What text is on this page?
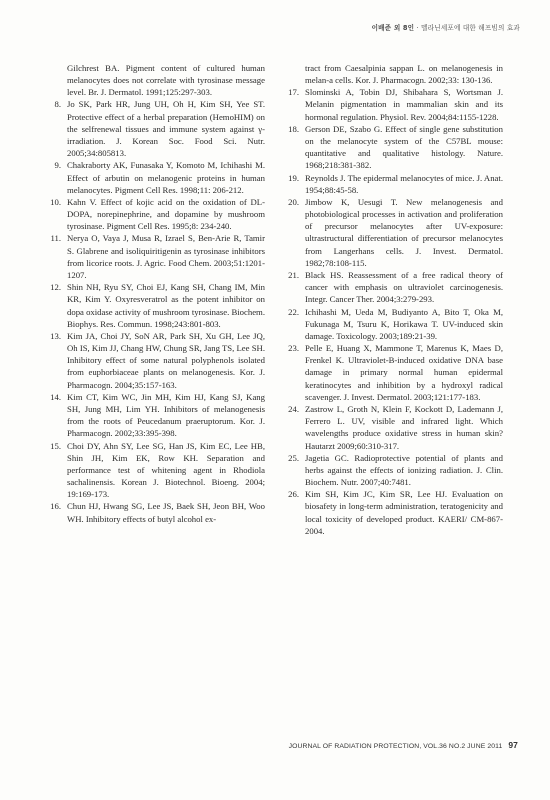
이배준 외 8인 · 멜라닌세포에 대한 해프빔의 효과
Gilchrest BA. Pigment content of cultured human melanocytes does not correlate with tyrosinase message level. Br. J. Dermatol. 1991;125:297-303.
8. Jo SK, Park HR, Jung UH, Oh H, Kim SH, Yee ST. Protective effect of a herbal preparation (HemoHIM) on the selfrenewal tissues and immune system against γ-irradiation. J. Korean Soc. Food Sci. Nutr. 2005;34:805813.
9. Chakraborty AK, Funasaka Y, Komoto M, Ichihashi M. Effect of arbutin on melanogenic proteins in human melanocytes. Pigment Cell Res. 1998;11: 206-212.
10. Kahn V. Effect of kojic acid on the oxidation of DL-DOPA, norepinephrine, and dopamine by mushroom tyrosinase. Pigment Cell Res. 1995;8: 234-240.
11. Nerya O, Vaya J, Musa R, Izrael S, Ben-Arie R, Tamir S. Glabrene and isoliquiritigenin as tyrosinase inhibitors from licorice roots. J. Agric. Food Chem. 2003;51:1201-1207.
12. Shin NH, Ryu SY, Choi EJ, Kang SH, Chang IM, Min KR, Kim Y. Oxyresveratrol as the potent inhibitor on dopa oxidase activity of mushroom tyrosinase. Biochem. Biophys. Res. Commun. 1998;243:801-803.
13. Kim JA, Choi JY, SoN AR, Park SH, Xu GH, Lee JQ, Oh IS, Kim JJ, Chang HW, Chung SR, Jang TS, Lee SH. Inhibitory effect of some natural polyphenols isolated from euphorbiaceae plants on melanogenesis. Kor. J. Pharmacogn. 2004;35:157-163.
14. Kim CT, Kim WC, Jin MH, Kim HJ, Kang SJ, Kang SH, Jung MH, Lim YH. Inhibitors of melanogenesis from the roots of Peucedanum praeruptorum. Kor. J. Pharmacogn. 2002;33:395-398.
15. Choi DY, Ahn SY, Lee SG, Han JS, Kim EC, Lee HB, Shin JH, Kim EK, Row KH. Separation and performance test of whitening agent in Rhodiola sachalinensis. Korean J. Biotechnol. Bioeng. 2004; 19:169-173.
16. Chun HJ, Hwang SG, Lee JS, Baek SH, Jeon BH, Woo WH. Inhibitory effects of butyl alcohol ex-
tract from Caesalpinia sappan L. on melanogenesis in melan-a cells. Kor. J. Pharmacogn. 2002;33: 130-136.
17. Slominski A, Tobin DJ, Shibahara S, Wortsman J. Melanin pigmentation in mammalian skin and its hormonal regulation. Physiol. Rev. 2004;84:1155-1228.
18. Gerson DE, Szabo G. Effect of single gene substitution on the melanocyte system of the C57BL mouse: quantitative and qualitative histology. Nature. 1968;218:381-382.
19. Reynolds J. The epidermal melanocytes of mice. J. Anat. 1954;88:45-58.
20. Jimbow K, Uesugi T. New melanogenesis and photobiological processes in activation and proliferation of precursor melanocytes after UV-exposure: ultrastructural differentiation of precursor melanocytes from Langerhans cells. J. Invest. Dermatol. 1982;78:108-115.
21. Black HS. Reassessment of a free radical theory of cancer with emphasis on ultraviolet carcinogenesis. Integr. Cancer Ther. 2004;3:279-293.
22. Ichihashi M, Ueda M, Budiyanto A, Bito T, Oka M, Fukunaga M, Tsuru K, Horikawa T. UV-induced skin damage. Toxicology. 2003;189:21-39.
23. Pelle E, Huang X, Mammone T, Marenus K, Maes D, Frenkel K. Ultraviolet-B-induced oxidative DNA base damage in primary normal human epidermal keratinocytes and inhibition by a hydroxyl radical scavenger. J. Invest. Dermatol. 2003;121:177-183.
24. Zastrow L, Groth N, Klein F, Kockott D, Lademann J, Ferrero L. UV, visible and infrared light. Which wavelengths produce oxidative stress in human skin? Hautarzt 2009;60:310-317.
25. Jagetia GC. Radioprotective potential of plants and herbs against the effects of ionizing radiation. J. Clin. Biochem. Nutr. 2007;40:7481.
26. Kim SH, Kim JC, Kim SR, Lee HJ. Evaluation on biosafety in long-term administration, teratogenicity and local toxicity of developed product. KAERI/ CM-867-2004.
JOURNAL OF RADIATION PROTECTION, VOL.36 NO.2 JUNE 2011 97
